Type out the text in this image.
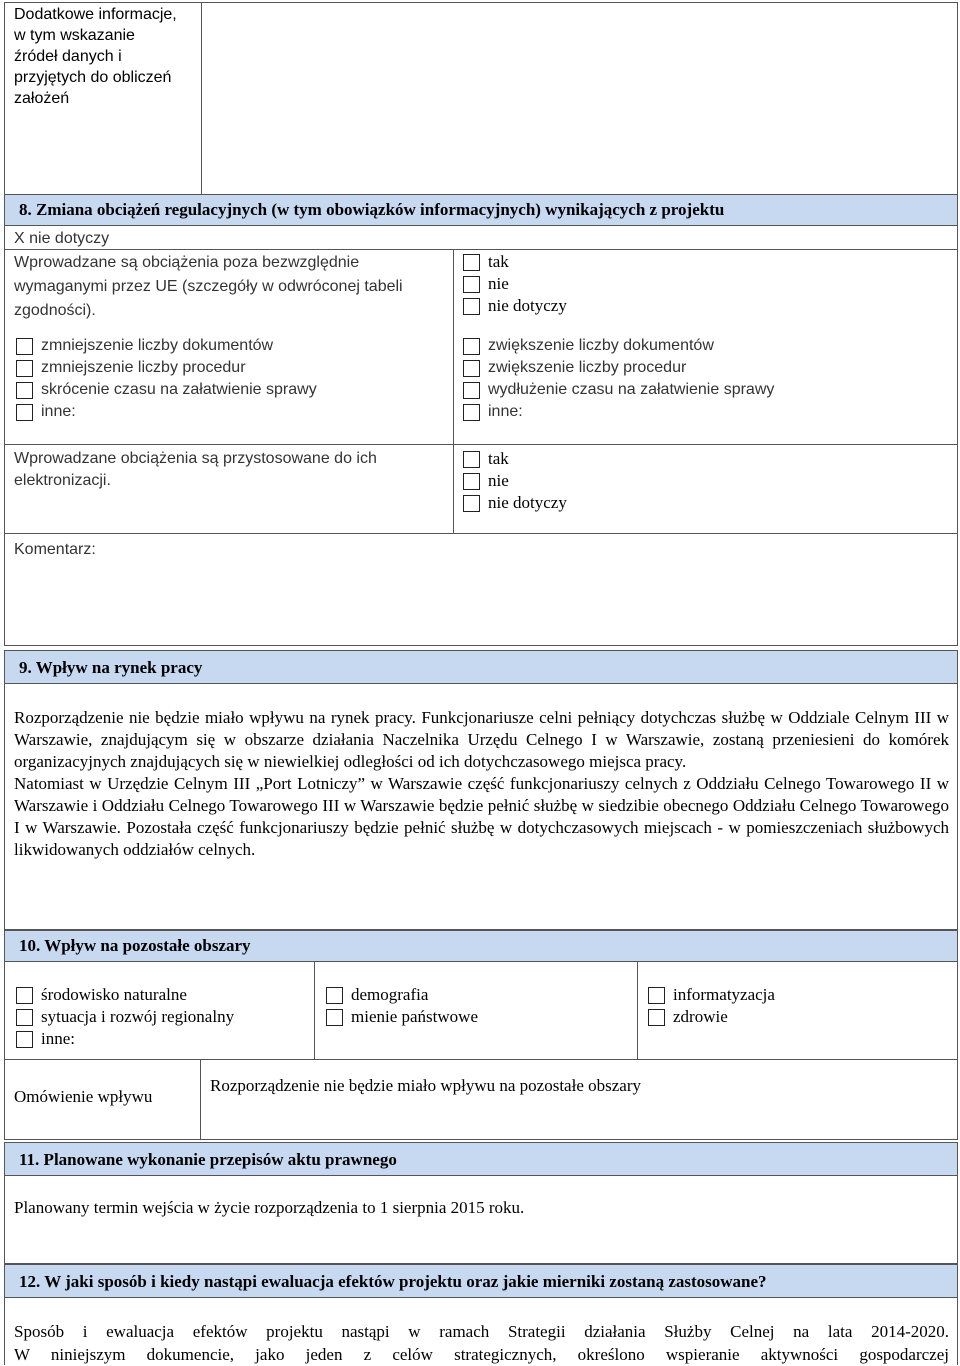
Dodatkowe informacje,
w tym wskazanie
źródeł danych i
przyjętych do obliczeń
założeń
8. Zmiana obciążeń regulacyjnych (w tym obowiązków informacyjnych) wynikających z projektu
X nie dotyczy
Wprowadzane są obciążenia poza bezwzględnie
wymaganymi przez UE (szczegóły w odwróconej tabeli
zgodności).
tak
nie
nie dotyczy
zmniejszenie liczby dokumentów
zmniejszenie liczby procedur
skrócenie czasu na załatwienie sprawy
inne:
zwiększenie liczby dokumentów
zwiększenie liczby procedur
wydłużenie czasu na załatwienie sprawy
inne:
Wprowadzane obciążenia są przystosowane do ich
elektronizacji.
tak
nie
nie dotyczy
Komentarz:
9. Wpływ na rynek pracy
Rozporządzenie nie będzie miało wpływu na rynek pracy. Funkcjonariusze celni pełniący dotychczas służbę w Oddziale Celnym III w Warszawie, znajdującym się w obszarze działania Naczelnika Urzędu Celnego I w Warszawie, zostaną przeniesieni do komórek organizacyjnych znajdujących się w niewielkiej odległości od ich dotychczasowego miejsca pracy.
Natomiast w Urzędzie Celnym III „Port Lotniczy” w Warszawie część funkcjonariuszy celnych z Oddziału Celnego Towarowego II w Warszawie i Oddziału Celnego Towarowego III w Warszawie będzie pełnić służbę w siedzibie obecnego Oddziału Celnego Towarowego I w Warszawie. Pozostała część funkcjonariuszy będzie pełnić służbę w dotychczasowych miejscach - w pomieszczeniach służbowych likwidowanych oddziałów celnych.
10. Wpływ na pozostałe obszary
środowisko naturalne
sytuacja i rozwój regionalny
inne:
demografia
mienie państwowe
informatyzacja
zdrowie
Omówienie wpływu
Rozporządzenie nie będzie miało wpływu na pozostałe obszary
11. Planowane wykonanie przepisów aktu prawnego
Planowany termin wejścia w życie rozporządzenia to 1 sierpnia 2015 roku.
12. W jaki sposób i kiedy nastąpi ewaluacja efektów projektu oraz jakie mierniki zostaną zastosowane?
Sposób i ewaluacja efektów projektu nastąpi w ramach Strategii działania Służby Celnej na lata 2014-2020.
W niniejszym dokumencie, jako jeden z celów strategicznych, określono wspieranie aktywności gospodarczej
